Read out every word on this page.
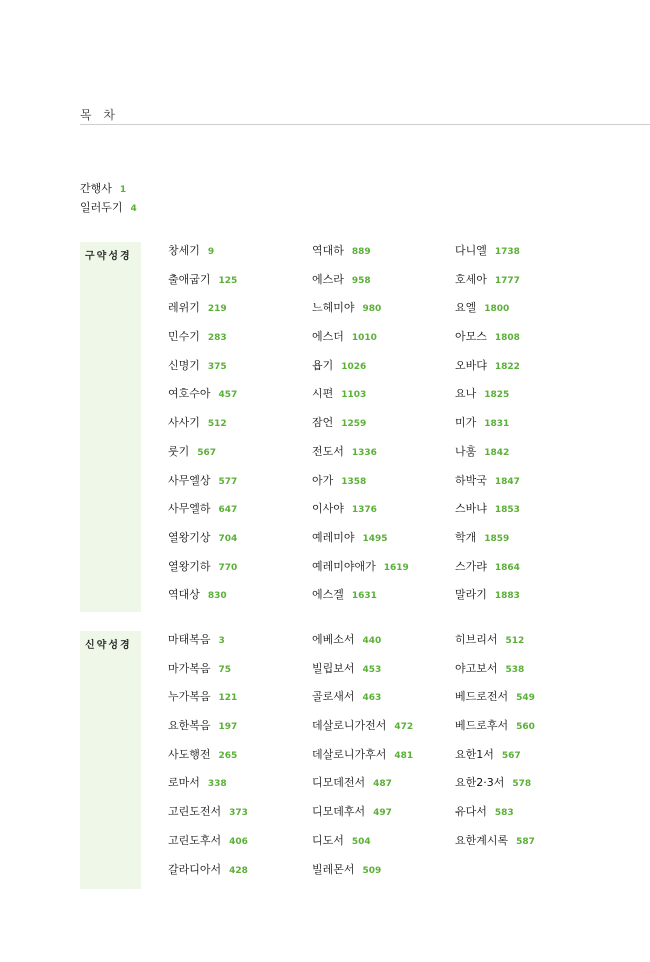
목 차
간행사 1
일러두기 4
구약성경	창세기 9
출애굽기 125
레위기 219
민수기 283
신명기 375
여호수아 457
사사기 512
룻기 567
사무엘상 577
사무엘하 647
열왕기상 704
열왕기하 770
역대상 830
역대하 889
에스라 958
느헤미야 980
에스더 1010
욥기 1026
시편 1103
잠언 1259
전도서 1336
아가 1358
이사야 1376
예레미야 1495
예레미야애가 1619
에스겔 1631
다니엘 1738
호세아 1777
요엘 1800
아모스 1808
오바댜 1822
요나 1825
미가 1831
나훔 1842
하박국 1847
스바냐 1853
학개 1859
스가랴 1864
말라기 1883
신약성경	마태복음 3
마가복음 75
누가복음 121
요한복음 197
사도행전 265
로마서 338
고린도전서 373
고린도후서 406
갈라디아서 428
에베소서 440
빌립보서 453
골로새서 463
데살로니가전서 472
데살로니가후서 481
디모데전서 487
디모데후서 497
디도서 504
빌레몬서 509
히브리서 512
야고보서 538
베드로전서 549
베드로후서 560
요한1서 567
요한2·3서 578
유다서 583
요한계시록 587
